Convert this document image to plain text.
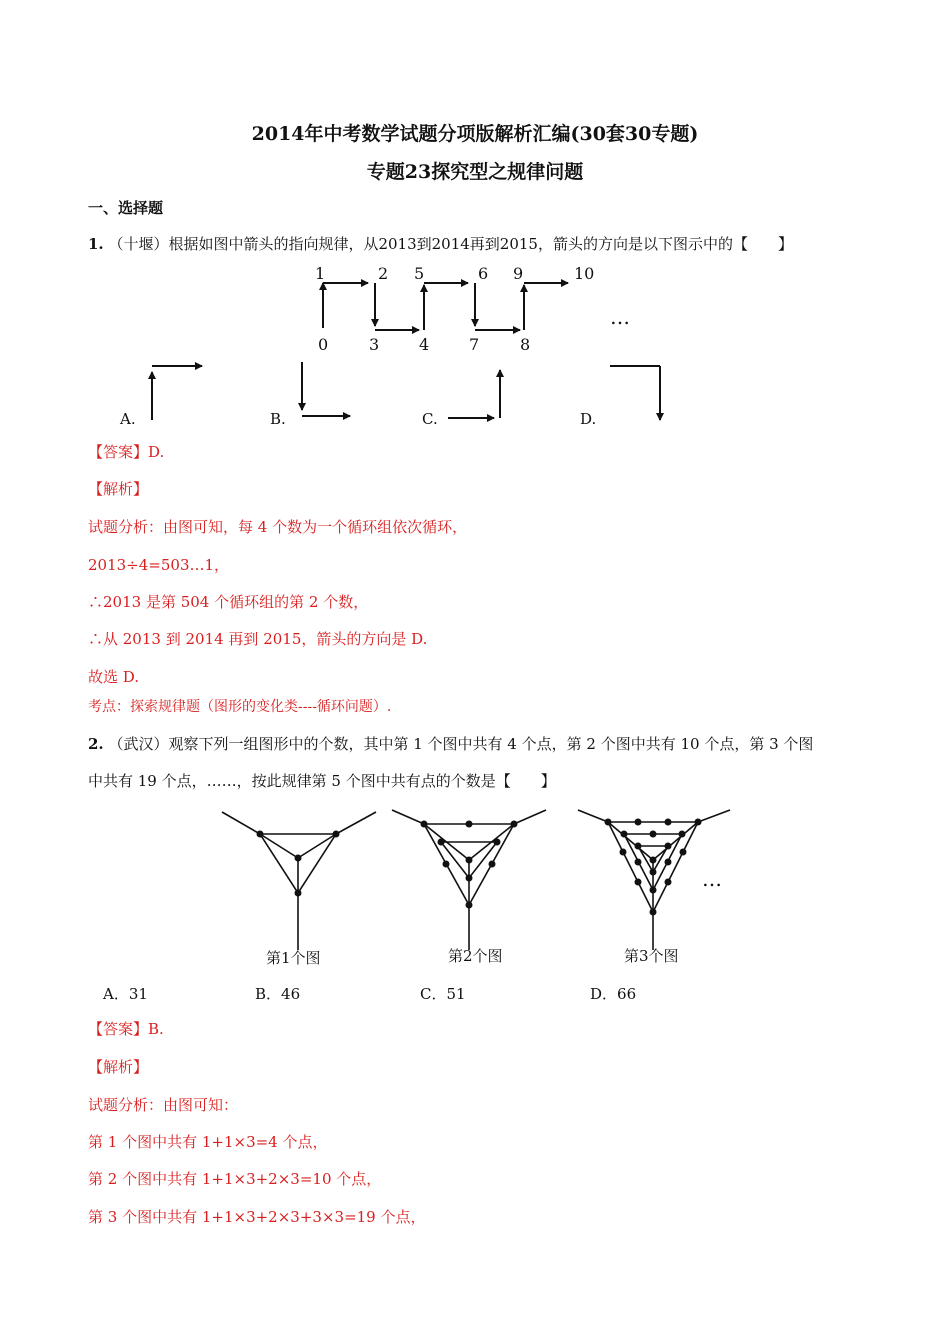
2014年中考数学试题分项版解析汇编(30套30专题)
专题23探究型之规律问题
一、选择题
1. （十堰）根据如图中箭头的指向规律，从2013到2014再到2015，箭头的方向是以下图示中的【　　】
1	2 5	6 9	10
0	3 4 7	8
…
A.	B.	C.	D.
【答案】D.
【解析】
试题分析：由图可知，每 4 个数为一个循环组依次循环，
2013÷4=503…1，
∴2013 是第 504 个循环组的第 2 个数，
∴从 2013 到 2014 再到 2015，箭头的方向是 D.
故选 D.
考点：探索规律题（图形的变化类----循环问题）.
2. （武汉）观察下列一组图形中的个数，其中第 1 个图中共有 4 个点，第 2 个图中共有 10 个点，第 3 个图
中共有 19 个点，……，按此规律第 5 个图中共有点的个数是【　　】
第1个图	第2个图	第3个图
…
A．31	B．46	C．51	D．66
【答案】B.
【解析】
试题分析：由图可知：
第 1 个图中共有 1+1×3=4 个点，
第 2 个图中共有 1+1×3+2×3=10 个点，
第 3 个图中共有 1+1×3+2×3+3×3=19 个点，
